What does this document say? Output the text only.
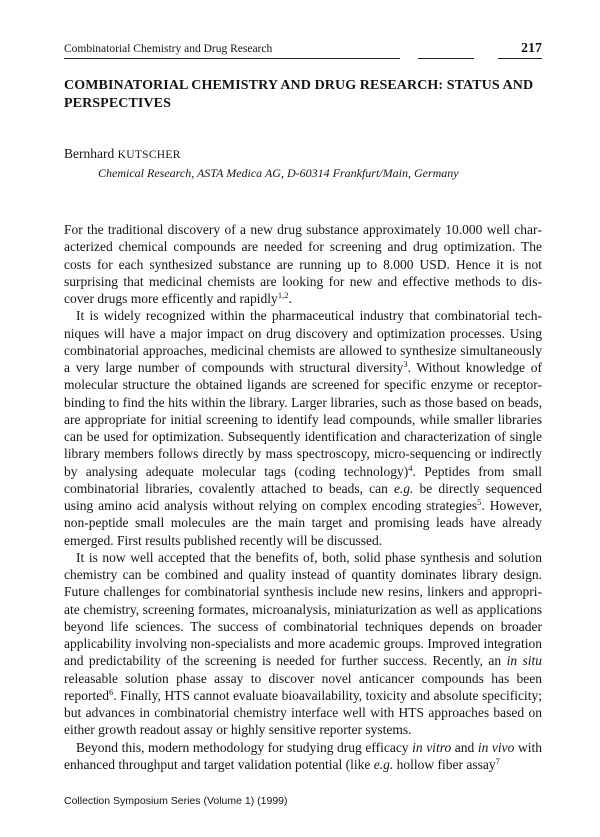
Combinatorial Chemistry and Drug Research	217
COMBINATORIAL CHEMISTRY AND DRUG RESEARCH: STATUS AND PERSPECTIVES

Bernhard KUTSCHER

Chemical Research, ASTA Medica AG, D-60314 Frankfurt/Main, Germany

For the traditional discovery of a new drug substance approximately 10.000 well characterized chemical compounds are needed for screening and drug optimization. The costs for each synthesized substance are running up to 8.000 USD. Hence it is not surprising that medicinal chemists are looking for new and effective methods to discover drugs more efficently and rapidly$^{1,2}$.

It is widely recognized within the pharmaceutical industry that combinatorial techniques will have a major impact on drug discovery and optimization processes. Using combinatorial approaches, medicinal chemists are allowed to synthesize simultaneously a very large number of compounds with structural diversity$^3$. Without knowledge of molecular structure the obtained ligands are screened for specific enzyme or receptor-binding to find the hits within the library. Larger libraries, such as those based on beads, are appropriate for initial screening to identify lead compounds, while smaller libraries can be used for optimization. Subsequently identification and characterization of single library members follows directly by mass spectroscopy, micro-sequencing or indirectly by analysing adequate molecular tags (coding technology)$^4$. Peptides from small combinatorial libraries, covalently attached to beads, can e.g. be directly sequenced using amino acid analysis without relying on complex encoding strategies$^5$. However, non-peptide small molecules are the main target and promising leads have already emerged. First results published recently will be discussed.

It is now well accepted that the benefits of, both, solid phase synthesis and solution chemistry can be combined and quality instead of quantity dominates library design. Future challenges for combinatorial synthesis include new resins, linkers and appropriate chemistry, screening formates, microanalysis, miniaturization as well as applications beyond life sciences. The success of combinatorial techniques depends on broader applicability involving non-specialists and more academic groups. Improved integration and predictability of the screening is needed for further success. Recently, an in situ releasable solution phase assay to discover novel anticancer compounds has been reported$^6$. Finally, HTS cannot evaluate bioavailability, toxicity and absolute specificity; but advances in combinatorial chemistry interface well with HTS approaches based on either growth readout assay or highly sensitive reporter systems.

Beyond this, modern methodology for studying drug efficacy in vitro and in vivo with enhanced throughput and target validation potential (like e.g. hollow fiber assay$^7$

Collection Symposium Series (Volume 1) (1999)
